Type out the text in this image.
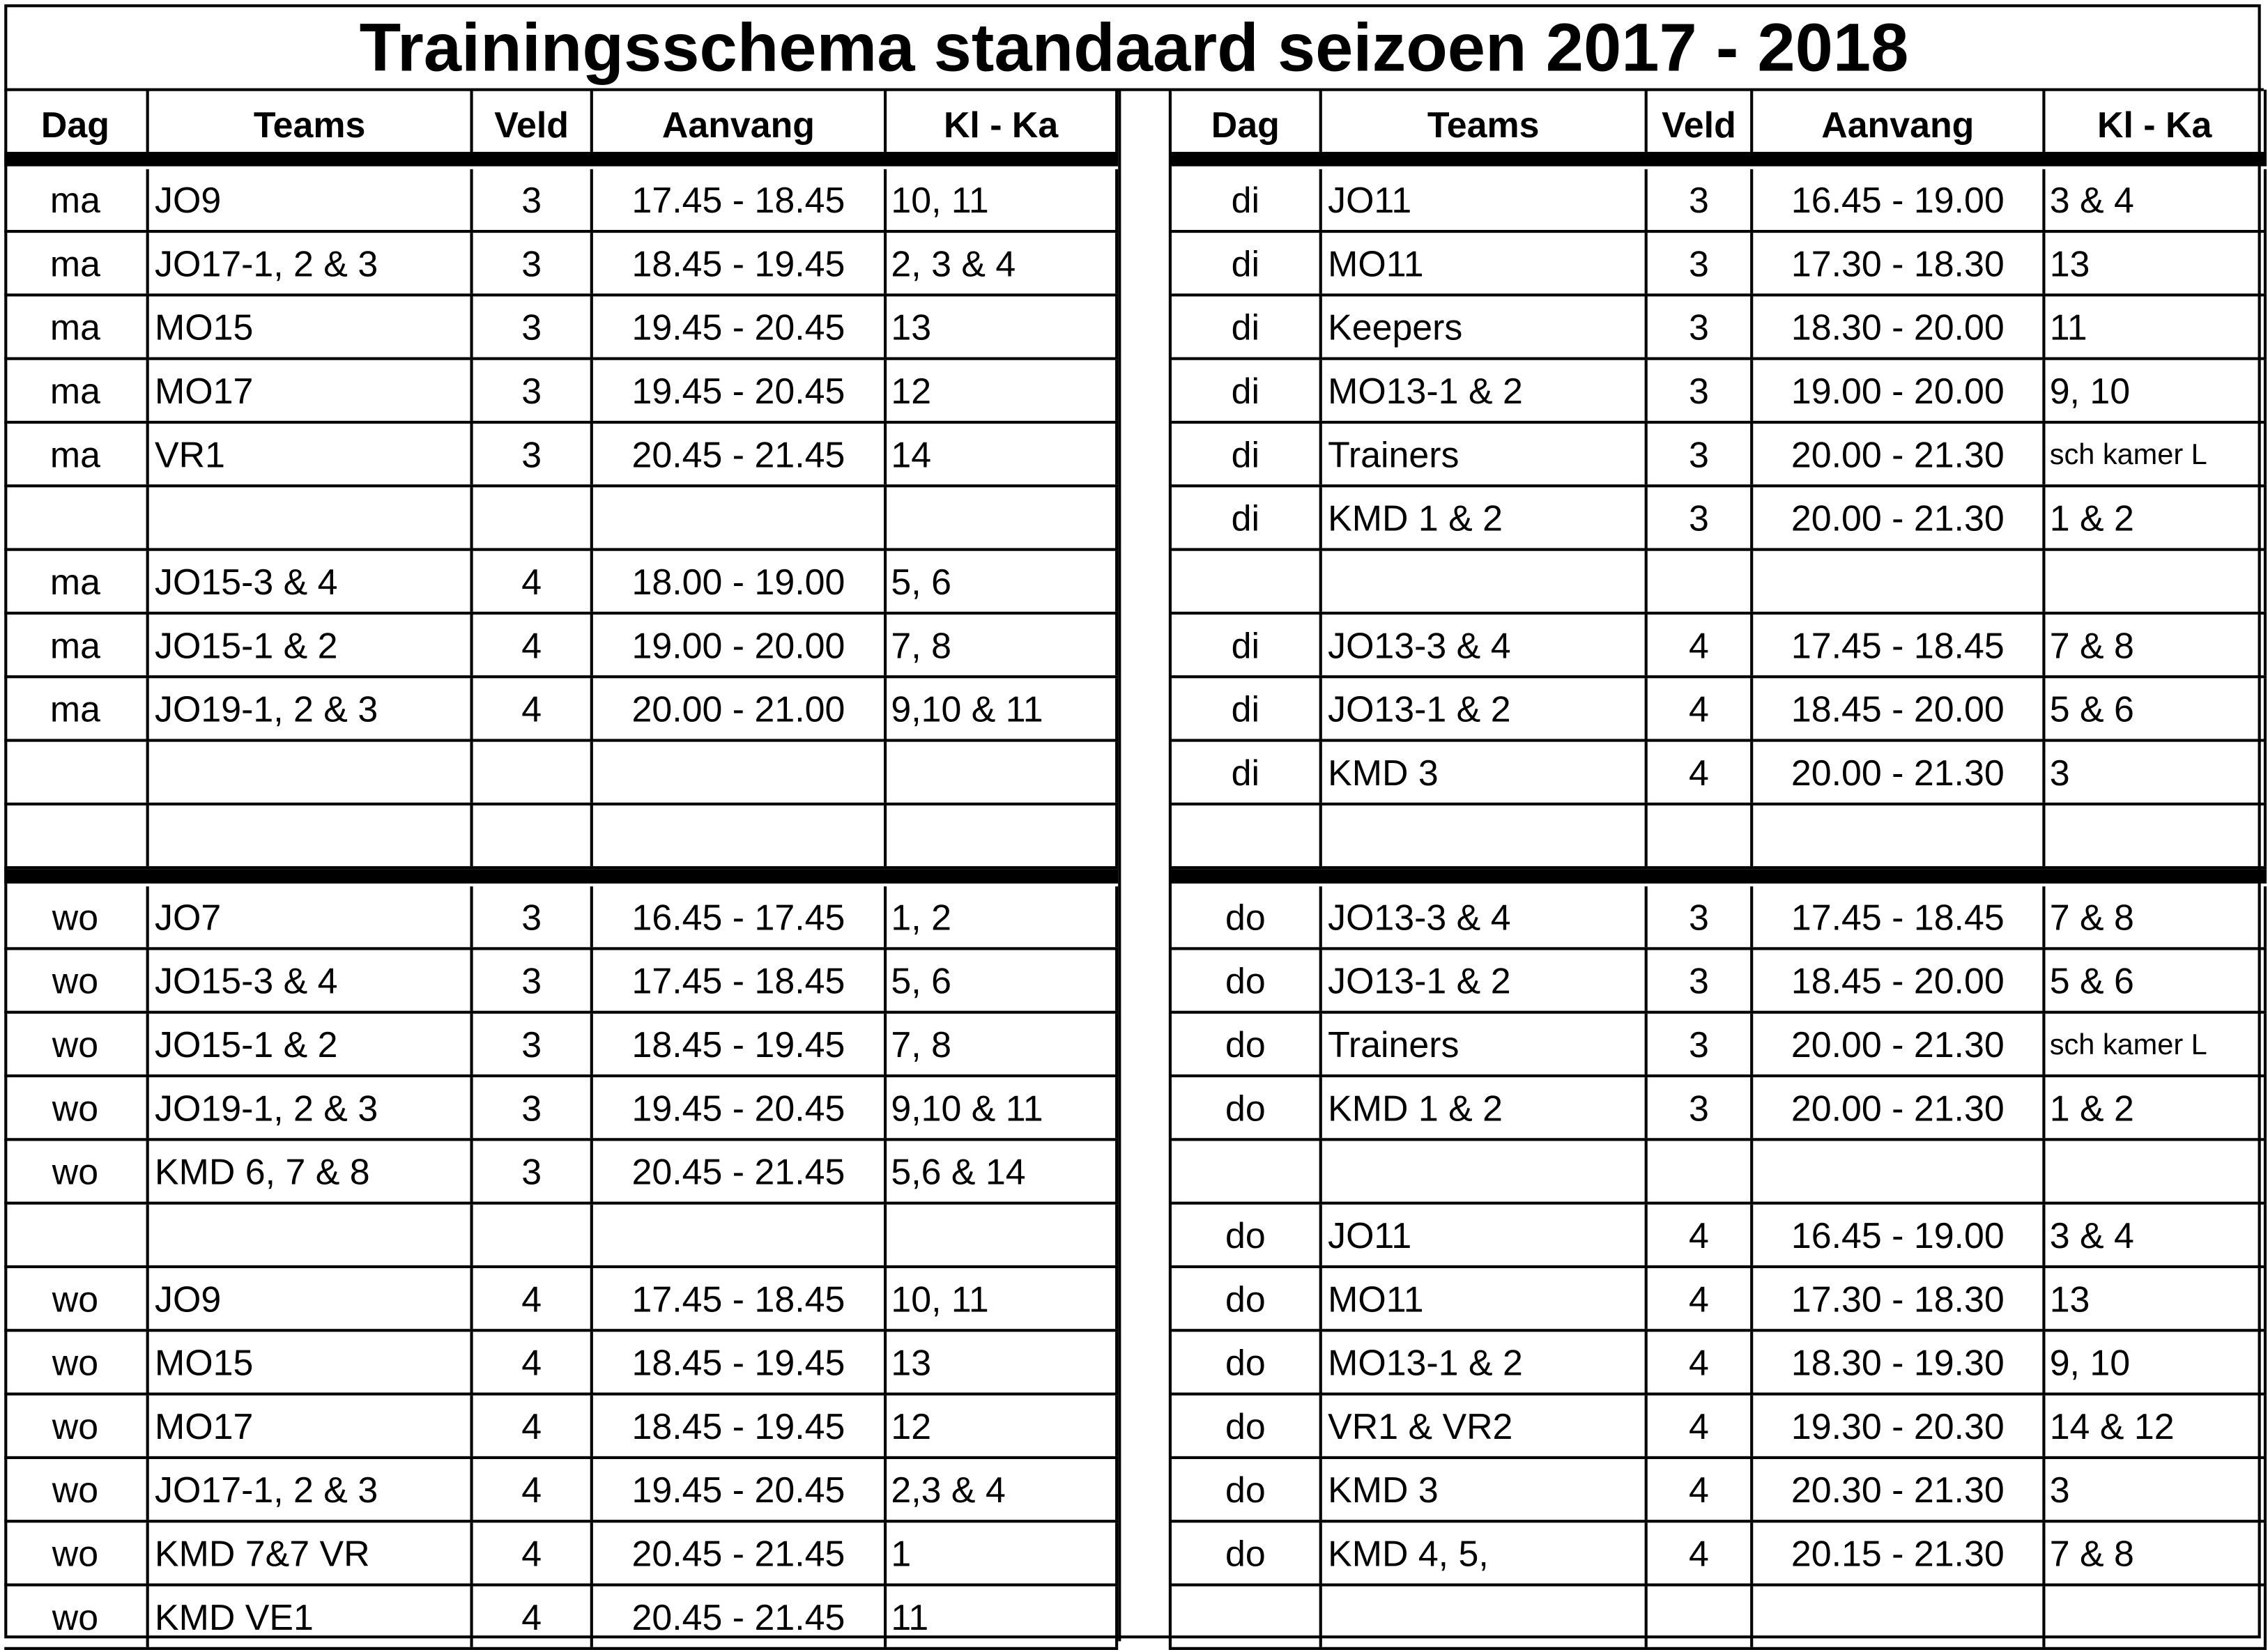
Trainingsschema standaard seizoen 2017 - 2018
Dag	Teams	Veld	Aanvang	Kl - Ka
ma	JO9	3	17.45 - 18.45	10, 11
ma	JO17-1, 2 & 3	3	18.45 - 19.45	2, 3 & 4
ma	MO15	3	19.45 - 20.45	13
ma	MO17	3	19.45 - 20.45	12
ma	VR1	3	20.45 - 21.45	14
ma	JO15-3 & 4	4	18.00 - 19.00	5, 6
ma	JO15-1 & 2	4	19.00 - 20.00	7, 8
ma	JO19-1, 2 & 3	4	20.00 - 21.00	9,10 & 11
wo	JO7	3	16.45 - 17.45	1, 2
wo	JO15-3 & 4	3	17.45 - 18.45	5, 6
wo	JO15-1 & 2	3	18.45 - 19.45	7, 8
wo	JO19-1, 2 & 3	3	19.45 - 20.45	9,10 & 11
wo	KMD 6, 7 & 8	3	20.45 - 21.45	5,6 & 14
wo	JO9	4	17.45 - 18.45	10, 11
wo	MO15	4	18.45 - 19.45	13
wo	MO17	4	18.45 - 19.45	12
wo	JO17-1, 2 & 3	4	19.45 - 20.45	2,3 & 4
wo	KMD 7&7 VR	4	20.45 - 21.45	1
wo	KMD VE1	4	20.45 - 21.45	11
Dag	Teams	Veld	Aanvang	Kl - Ka
di	JO11	3	16.45 - 19.00	3 & 4
di	MO11	3	17.30 - 18.30	13
di	Keepers	3	18.30 - 20.00	11
di	MO13-1 & 2	3	19.00 - 20.00	9, 10
di	Trainers	3	20.00 - 21.30	sch kamer L
di	KMD 1 & 2	3	20.00 - 21.30	1 & 2
di	JO13-3 & 4	4	17.45 - 18.45	7 & 8
di	JO13-1 & 2	4	18.45 - 20.00	5 & 6
di	KMD 3	4	20.00 - 21.30	3
do	JO13-3 & 4	3	17.45 - 18.45	7 & 8
do	JO13-1 & 2	3	18.45 - 20.00	5 & 6
do	Trainers	3	20.00 - 21.30	sch kamer L
do	KMD 1 & 2	3	20.00 - 21.30	1 & 2
do	JO11	4	16.45 - 19.00	3 & 4
do	MO11	4	17.30 - 18.30	13
do	MO13-1 & 2	4	18.30 - 19.30	9, 10
do	VR1 & VR2	4	19.30 - 20.30	14 & 12
do	KMD 3	4	20.30 - 21.30	3
do	KMD 4, 5,	4	20.15 - 21.30	7 & 8
